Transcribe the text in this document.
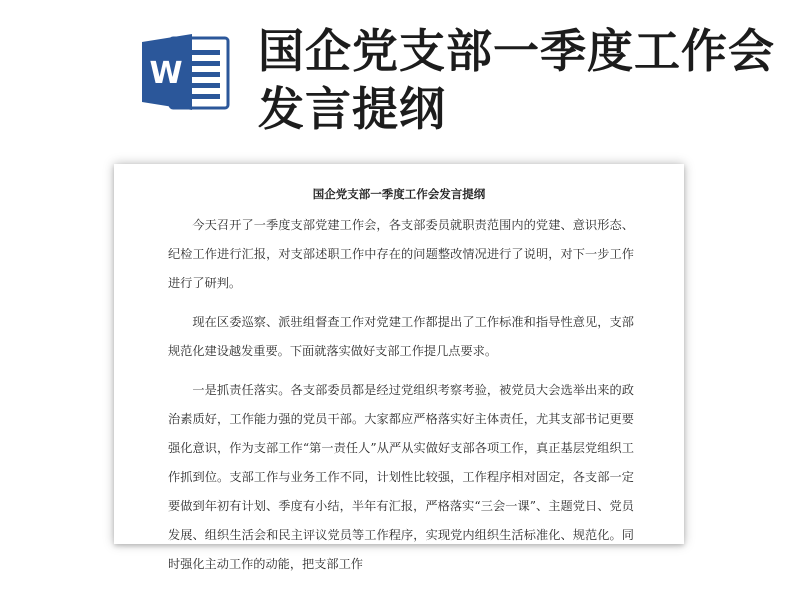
W 国企党支部一季度工作会发言提纲
国企党支部一季度工作会发言提纲

今天召开了一季度支部党建工作会，各支部委员就职责范围内的党建、意识形态、纪检工作进行汇报，对支部述职工作中存在的问题整改情况进行了说明，对下一步工作进行了研判。

现在区委巡察、派驻组督查工作对党建工作都提出了工作标准和指导性意见，支部规范化建设越发重要。下面就落实做好支部工作提几点要求。

一是抓责任落实。各支部委员都是经过党组织考察考验，被党员大会选举出来的政治素质好，工作能力强的党员干部。大家都应严格落实好主体责任，尤其支部书记更要强化意识，作为支部工作“第一责任人”从严从实做好支部各项工作，真正基层党组织工作抓到位。支部工作与业务工作不同，计划性比较强，工作程序相对固定，各支部一定要做到年初有计划、季度有小结，半年有汇报，严格落实“三会一课”、主题党日、党员发展、组织生活会和民主评议党员等工作程序，实现党内组织生活标准化、规范化。同时强化主动工作的动能，把支部工作
